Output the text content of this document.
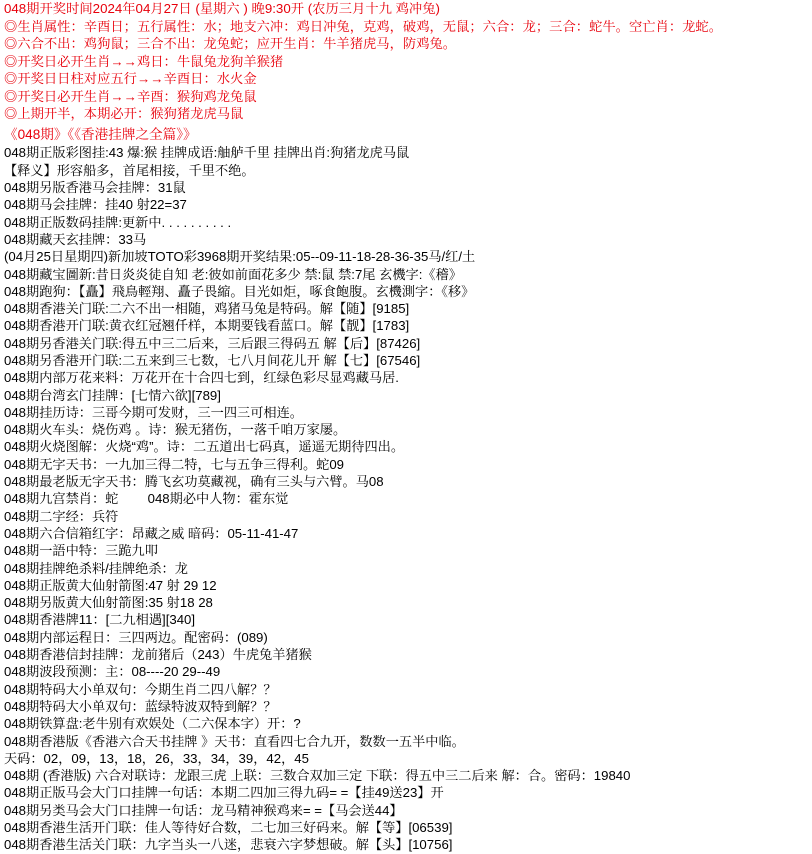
048期开奖时间2024年04月27日 (星期六 ) 晚9:30开 (农历三月十九 鸡冲兔)
◎生肖属性：辛酉日；五行属性：水；地支六冲：鸡日冲兔，克鸡，破鸡，无鼠；六合：龙；三合：蛇牛。空亡肖：龙蛇。
◎六合不出：鸡狗鼠；三合不出：龙兔蛇；应开生肖：牛羊猪虎马，防鸡兔。
◎开奖日必开生肖→→鸡日：牛鼠兔龙狗羊猴猪
◎开奖日日柱对应五行→→辛酉日：水火金
◎开奖日必开生肖→→辛酉：猴狗鸡龙兔鼠
◎上期开半，本期必开：猴狗猪龙虎马鼠
《048期》《《香港挂牌之全篇》》
048期正版彩图挂:43 爆:猴 挂牌成语:舳舻千里 挂牌出肖:狗猪龙虎马鼠
【释义】形容船多，首尾相接，千里不绝。
048期另版香港马会挂牌：31鼠
048期马会挂牌：挂40 射22=37
048期正版数码挂牌:更新中. . . . . . . . . .
048期藏天玄挂牌：33马
(04月25日星期四)新加坡TOTO彩3968期开奖结果:05--09-11-18-28-36-35马/红/土
048期藏宝圖新:昔日炎炎徒自知 老:彼如前面花多少 禁:鼠 禁:7尾 玄機字:《稽》
048期跑狗：【矗】飛鳥輕翔、矗子畏縮。目光如炬，啄食飽腹。玄機測字：《移》
048期香港关门联:二六不出一相随，鸡猪马兔是特码。解【随】[9185]
048期香港开门联:黄衣红冠翘仟样，本期要钱看蓝口。解【靓】[1783]
048期另香港关门联:得五中三二后来，三后跟三得码五 解【后】[87426]
048期另香港开门联:二五来到三七数，七八月间花儿开 解【七】[67546]
048期内部万花来料：万花开在十合四七到，红绿色彩尽显鸡藏马居.
048期台湾玄门挂牌：[七情六欲][789]
048期挂历诗：三哥今期可发财，三一四三可相连。
048期火车头：烧伤鸡 。诗：猴无猪伤，一落千咱万家屡。
048期火烧图解：火烧“鸡”。诗：二五道出七码真，遥遥无期待四出。
048期无字天书：一九加三得二特，七与五争三得利。蛇09
048期最老版无字天书：腾飞玄功莫藏视，确有三头与六臂。马08
048期九宫禁肖：蛇        048期必中人物：霍东觉
048期二字经：兵符
048期六合信箱红字：昂藏之威 暗码：05-11-41-47
048期一語中特：三跪九叩
048期挂牌绝杀料/挂牌绝杀：龙
048期正版黄大仙射箭图:47 射 29 12
048期另版黄大仙射箭图:35 射18 28
048期香港牌11：[二九相遇][340]
048期内部运程日：三四两边。配密码：(089)
048期香港信封挂牌：龙前猪后（243）牛虎兔羊猪猴
048期波段预测：主：08----20 29--49
048期特码大小单双句：今期生肖二四八解？？
048期特码大小单双句：蓝绿特波双特到解？？
048期铁算盘:老牛别有欢娱处（二六保本字）开：?
048期香港版《香港六合天书挂牌 》天书：直看四七合九开，数数一五半中临。
天码：02，09，13，18，26，33，34，39，42，45
048期 (香港版) 六合对联诗：龙跟三虎 上联：三数合双加三定 下联：得五中三二后来 解：合。密码：19840
048期正版马会大门口挂牌一句话：本期二四加三得九码= =【挂49送23】开
048期另类马会大门口挂牌一句话：龙马精神猴鸡来= =【马会送44】
048期香港生活开门联：佳人等待好合数，二七加三好码来。解【等】[06539]
048期香港生活关门联：九字当头一八迷，悲衰六字梦想破。解【头】[10756]
